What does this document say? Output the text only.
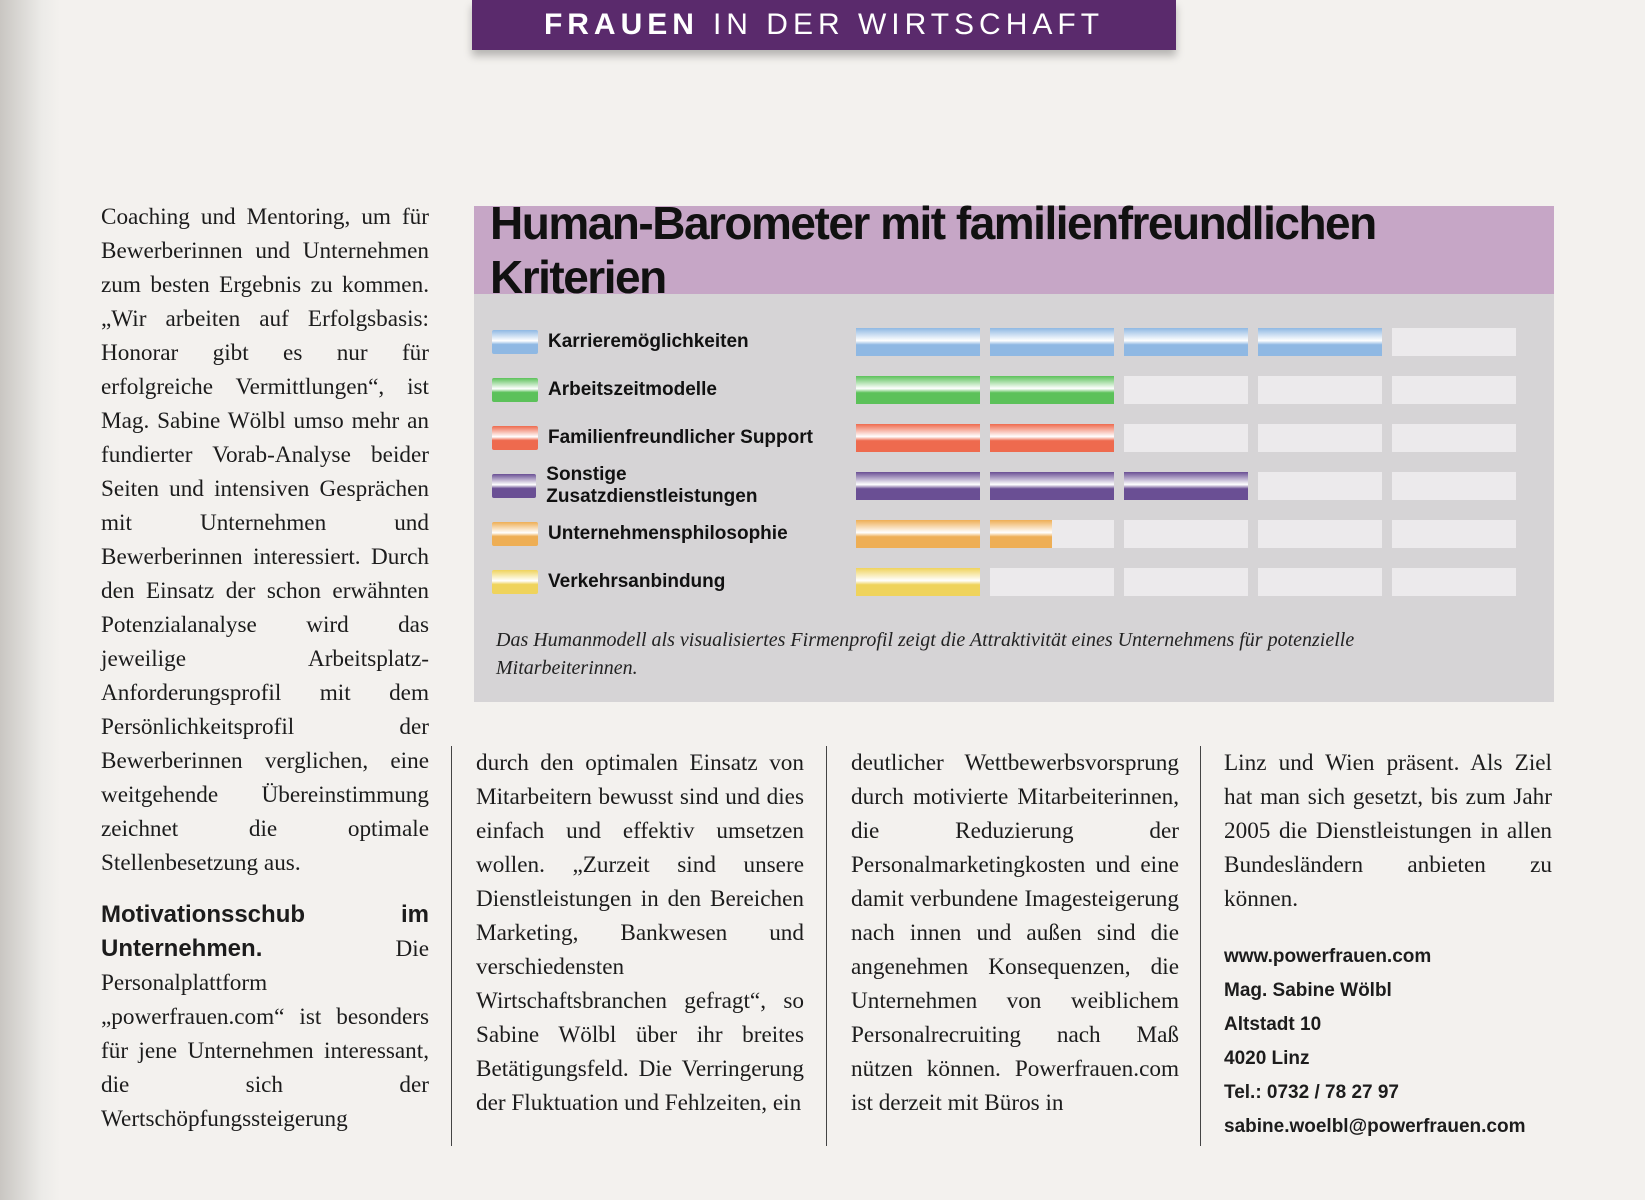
FRAUEN IN DER WIRTSCHAFT

Coaching und Mentoring, um für Bewerberinnen und Unternehmen zum besten Ergebnis zu kommen. „Wir arbeiten auf Erfolgsbasis: Honorar gibt es nur für erfolgreiche Vermittlungen“, ist Mag. Sabine Wölbl umso mehr an fundierter Vorab-Analyse beider Seiten und intensiven Gesprächen mit Unternehmen und Bewerberinnen interessiert. Durch den Einsatz der schon erwähnten Potenzialanalyse wird das jeweilige Arbeitsplatz-Anforderungsprofil mit dem Persönlichkeitsprofil der Bewerberinnen verglichen, eine weitgehende Übereinstimmung zeichnet die optimale Stellenbesetzung aus.

Motivationsschub im Unternehmen.	Die Personalplattform „powerfrauen.com“ ist besonders für jene Unternehmen interessant, die sich der Wertschöpfungssteigerung

Human-Barometer mit familienfreundlichen Kriterien
Karrieremöglichkeiten
Arbeitszeitmodelle
Familienfreundlicher Support
Sonstige Zusatzdienstleistungen
Unternehmensphilosophie
Verkehrsanbindung
Das Humanmodell als visualisiertes Firmenprofil zeigt die Attraktivität eines Unternehmens für potenzielle Mitarbeiterinnen.

durch den optimalen Einsatz von Mitarbeitern bewusst sind und dies einfach und effektiv umsetzen wollen. „Zurzeit sind unsere Dienstleistungen in den Bereichen Marketing, Bankwesen und verschiedensten Wirtschaftsbranchen gefragt“, so Sabine Wölbl über ihr breites Betätigungsfeld. Die Verringerung der Fluktuation und Fehlzeiten, ein

deutlicher Wettbewerbsvorsprung durch motivierte Mitarbeiterinnen, die Reduzierung der Personalmarketingkosten und eine damit verbundene Imagesteigerung nach innen und außen sind die angenehmen Konsequenzen, die Unternehmen von weiblichem Personalrecruiting nach Maß nützen können. Powerfrauen.com ist derzeit mit Büros in

Linz und Wien präsent. Als Ziel hat man sich gesetzt, bis zum Jahr 2005 die Dienstleistungen in allen Bundesländern anbieten zu können.

www.powerfrauen.com
Mag. Sabine Wölbl
Altstadt 10
4020 Linz
Tel.: 0732 / 78 27 97
sabine.woelbl@powerfrauen.com
